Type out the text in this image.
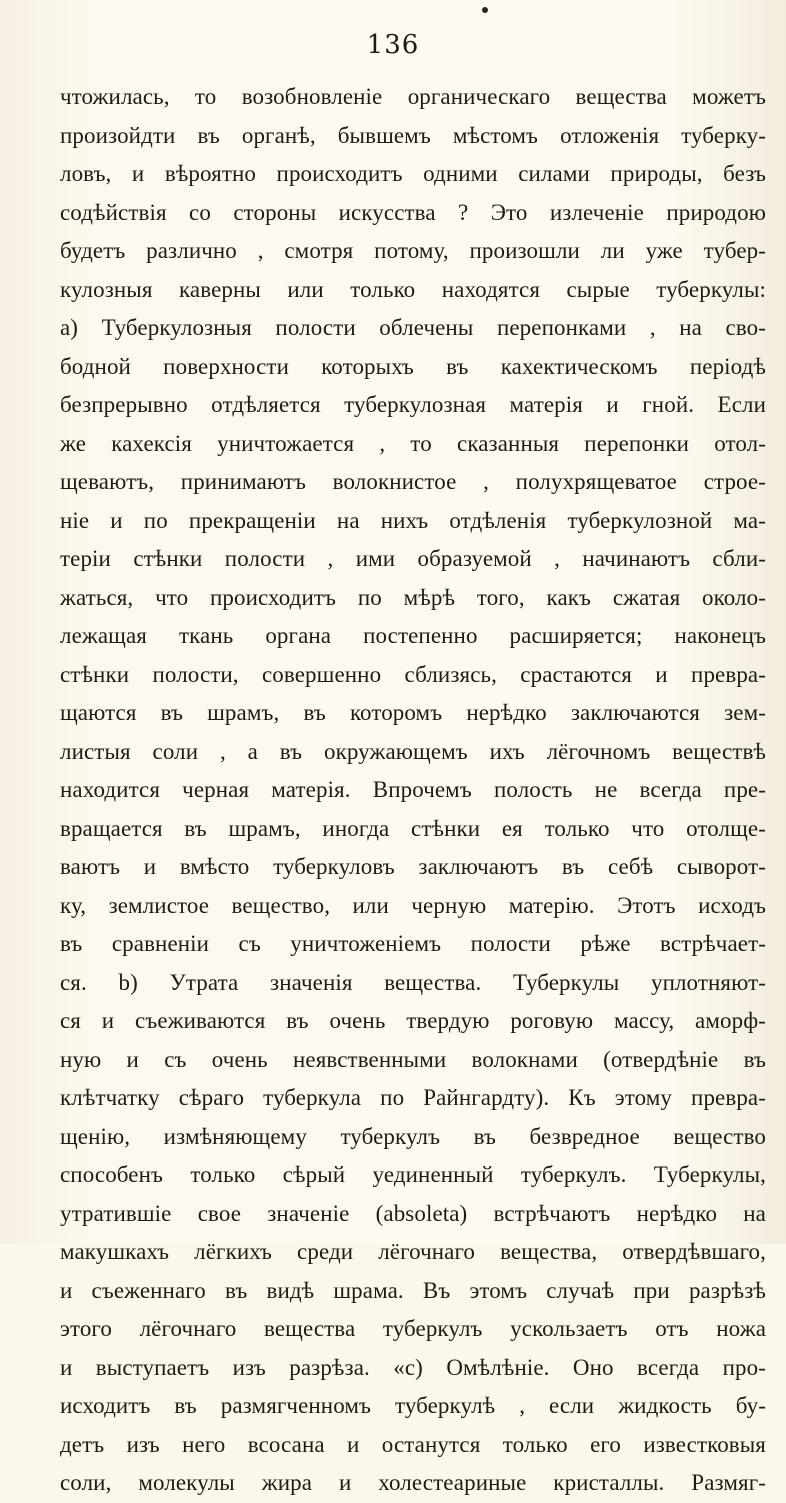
136
чтожилась, то возобновленіе органическаго вещества можетъ
произойдти въ органѣ, бывшемъ мѣстомъ отложенія туберку-
ловъ, и вѣроятно происходитъ одними силами природы, безъ
содѣйствія со стороны искусства ? Это излеченіе природою
будетъ различно , смотря потому, произошли ли уже тубер-
кулозныя каверны или только находятся сырые туберкулы:
а) Туберкулозныя полости облечены перепонками , на сво-
бодной поверхности которыхъ въ кахектическомъ періодѣ
безпрерывно отдѣляется туберкулозная матерія и гной. Если
же кахексія уничтожается , то сказанныя перепонки отол-
щеваютъ, принимаютъ волокнистое , полухрящеватое строе-
ніе и по прекращеніи на нихъ отдѣленія туберкулозной ма-
теріи стѣнки полости , ими образуемой , начинаютъ сбли-
жаться, что происходитъ по мѣрѣ того, какъ сжатая около-
лежащая ткань органа постепенно расширяется; наконецъ
стѣнки полости, совершенно сблизясь, срастаются и превра-
щаются въ шрамъ, въ которомъ нерѣдко заключаются зем-
листыя соли , а въ окружающемъ ихъ лёгочномъ веществѣ
находится черная матерія. Впрочемъ полость не всегда пре-
вращается въ шрамъ, иногда стѣнки ея только что отолще-
ваютъ и вмѣсто туберкуловъ заключаютъ въ себѣ сыворот-
ку, землистое вещество, или черную матерію. Этотъ исходъ
въ сравненіи съ уничтоженіемъ полости рѣже встрѣчает-
ся. b) Утрата значенія вещества. Туберкулы уплотняют-
ся и съеживаются въ очень твердую роговую массу, аморф-
ную и съ очень неявственными волокнами (отвердѣніе въ
клѣтчатку сѣраго туберкула по Райнгардту). Къ этому превра-
щенію, измѣняющему туберкулъ въ безвредное вещество
способенъ только сѣрый уединенный туберкулъ. Туберкулы,
утратившіе свое значеніе (absoleta) встрѣчаютъ нерѣдко на
макушкахъ лёгкихъ среди лёгочнаго вещества, отвердѣвшаго,
и съеженнаго въ видѣ шрама. Въ этомъ случаѣ при разрѣзѣ
этого лёгочнаго вещества туберкулъ ускользаетъ отъ ножа
и выступаетъ изъ разрѣза. «c) Омѣлѣніе. Оно всегда про-
исходитъ въ размягченномъ туберкулѣ , если жидкость бу-
детъ изъ него всосана и останутся только его известковыя
соли, молекулы жира и холестеариные кристаллы. Размяг-
